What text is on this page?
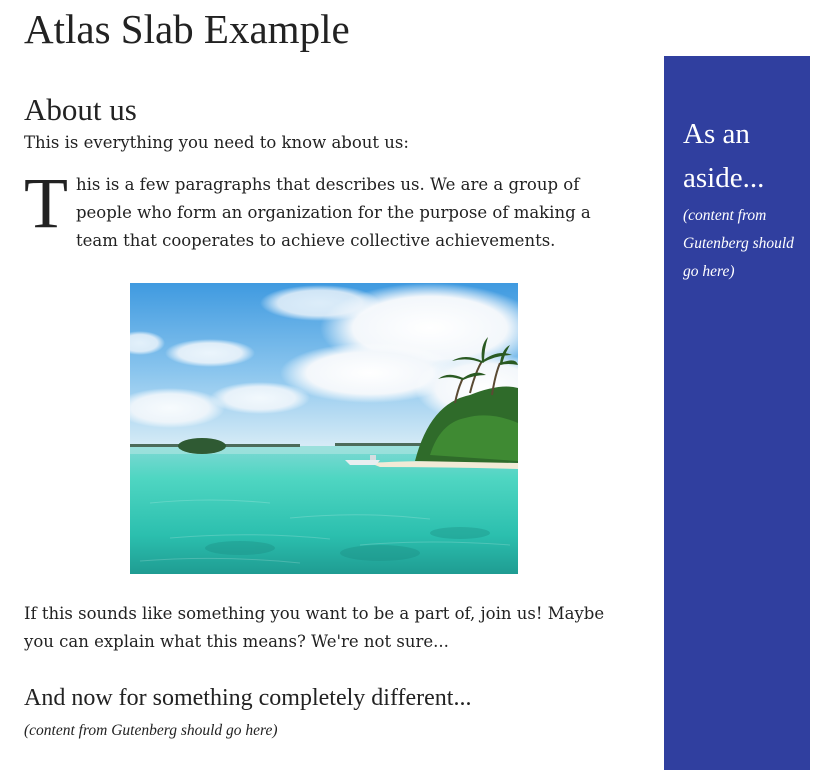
Atlas Slab Example
About us

This is everything you need to know about us:

This is a few paragraphs that describes us. We are a group of people who form an organization for the purpose of making a team that cooperates to achieve collective achievements.

If this sounds like something you want to be a part of, join us! Maybe you can explain what this means? We're not sure...

And now for something completely different...

(content from Gutenberg should go here)

As an aside...

(content from Gutenberg should go here)
